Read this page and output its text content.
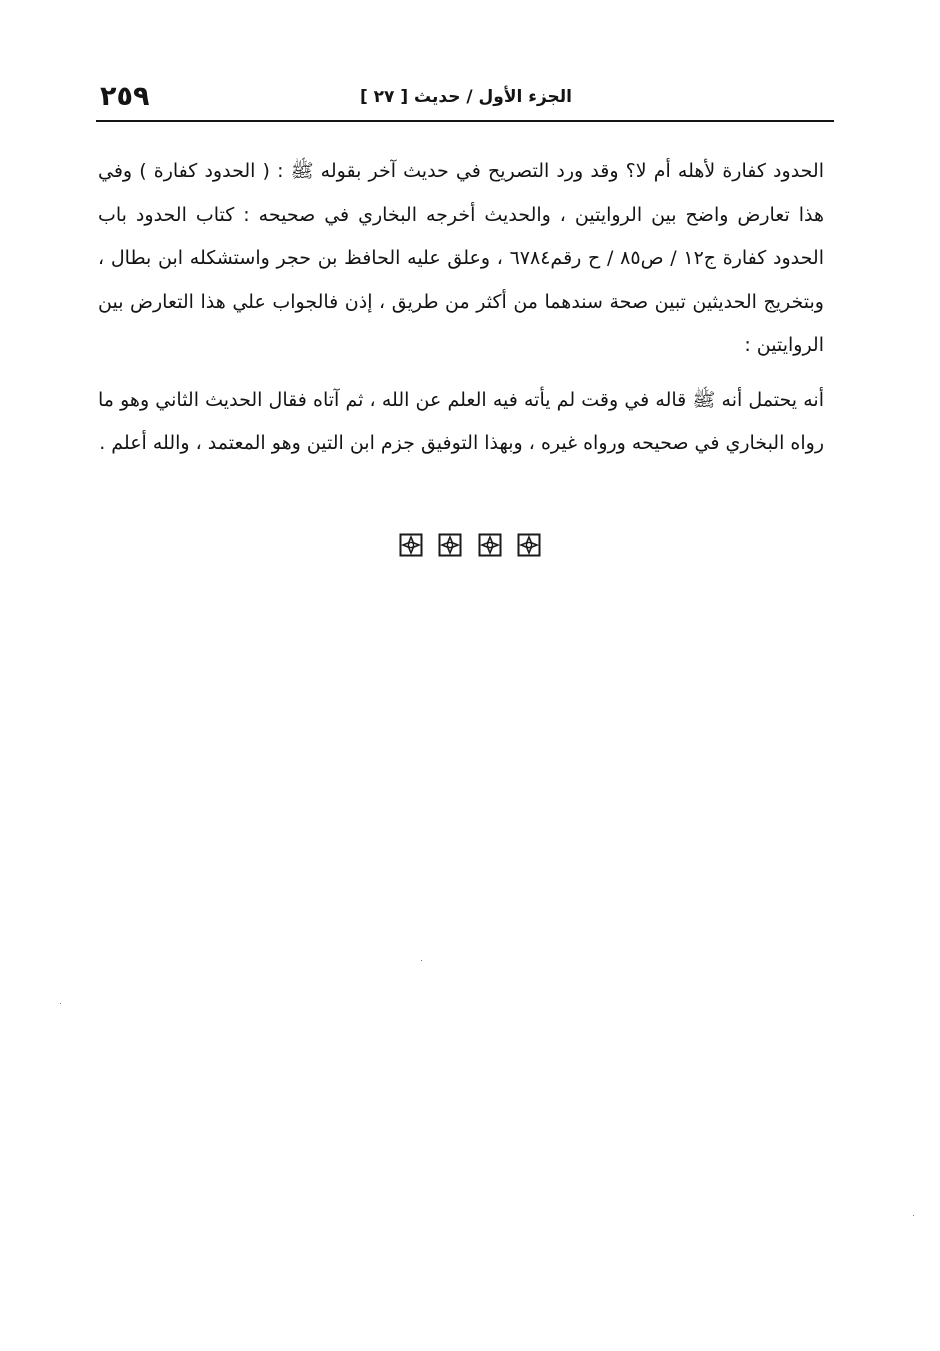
٢٥٩	الجزء الأول / حديث [ ٢٧ ]

الحدود كفارة لأهله أم لا؟ وقد ورد التصريح في حديث آخر بقوله ﷺ : ( الحدود كفارة ) وفي هذا تعارض واضح بين الروايتين ، والحديث أخرجه البخاري في صحيحه : كتاب الحدود باب الحدود كفارة ج١٢ / ص٨٥ / ح رقم٦٧٨٤ ، وعلق عليه الحافظ بن حجر واستشكله ابن بطال ، وبتخريج الحديثين تبين صحة سندهما من أكثر من طريق ، إذن فالجواب علي هذا التعارض بين الروايتين :

أنه يحتمل أنه ﷺ قاله في وقت لم يأته فيه العلم عن الله ، ثم آتاه فقال الحديث الثاني وهو ما رواه البخاري في صحيحه ورواه غيره ، وبهذا التوفيق جزم ابن التين وهو المعتمد ، والله أعلم .
